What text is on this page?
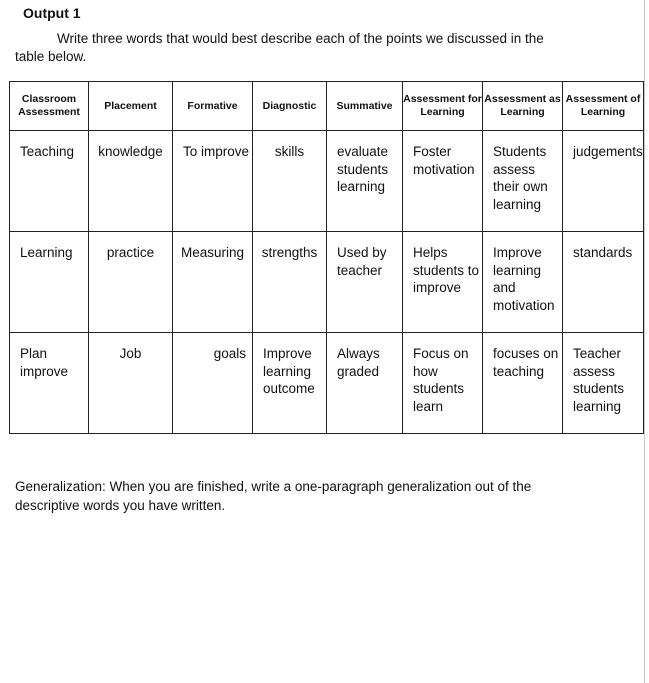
Output 1
Write three words that would best describe each of the points we discussed in the table below.
Classroom Assessment	Placement	Formative	Diagnostic	Summative	Assessment for Learning	Assessment as Learning	Assessment of Learning
Teaching	knowledge	To improve	skills	evaluate students learning	Foster motivation	Students assess their own learning	judgements
Learning	practice	Measuring	strengths	Used by teacher	Helps students to improve	Improve learning and motivation	standards
Plan improve	Job	goals	Improve learning outcome	Always graded	Focus on how students learn	focuses on teaching	Teacher assess students learning
Generalization: When you are finished, write a one-paragraph generalization out of the descriptive words you have written.
